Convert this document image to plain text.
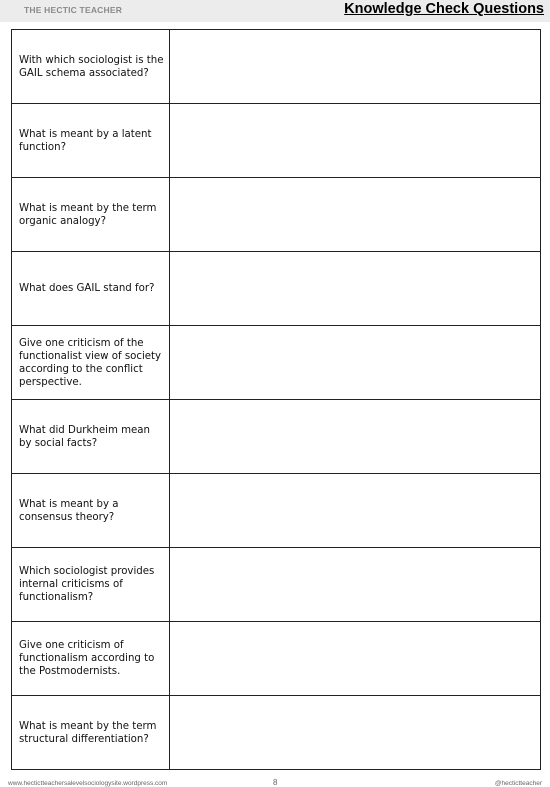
THE HECTIC TEACHER	Knowledge Check Questions
With which sociologist is the GAIL schema associated?	
What is meant by a latent function?	
What is meant by the term organic analogy?	
What does GAIL stand for?	
Give one criticism of the functionalist view of society according to the conflict perspective.	
What did Durkheim mean by social facts?	
What is meant by a consensus theory?	
Which sociologist provides internal criticisms of functionalism?	
Give one criticism of functionalism according to the Postmodernists.	
What is meant by the term structural differentiation?	
www.hectictteachersalevelsociologysite.wordpress.com	8	@hectictteacher
